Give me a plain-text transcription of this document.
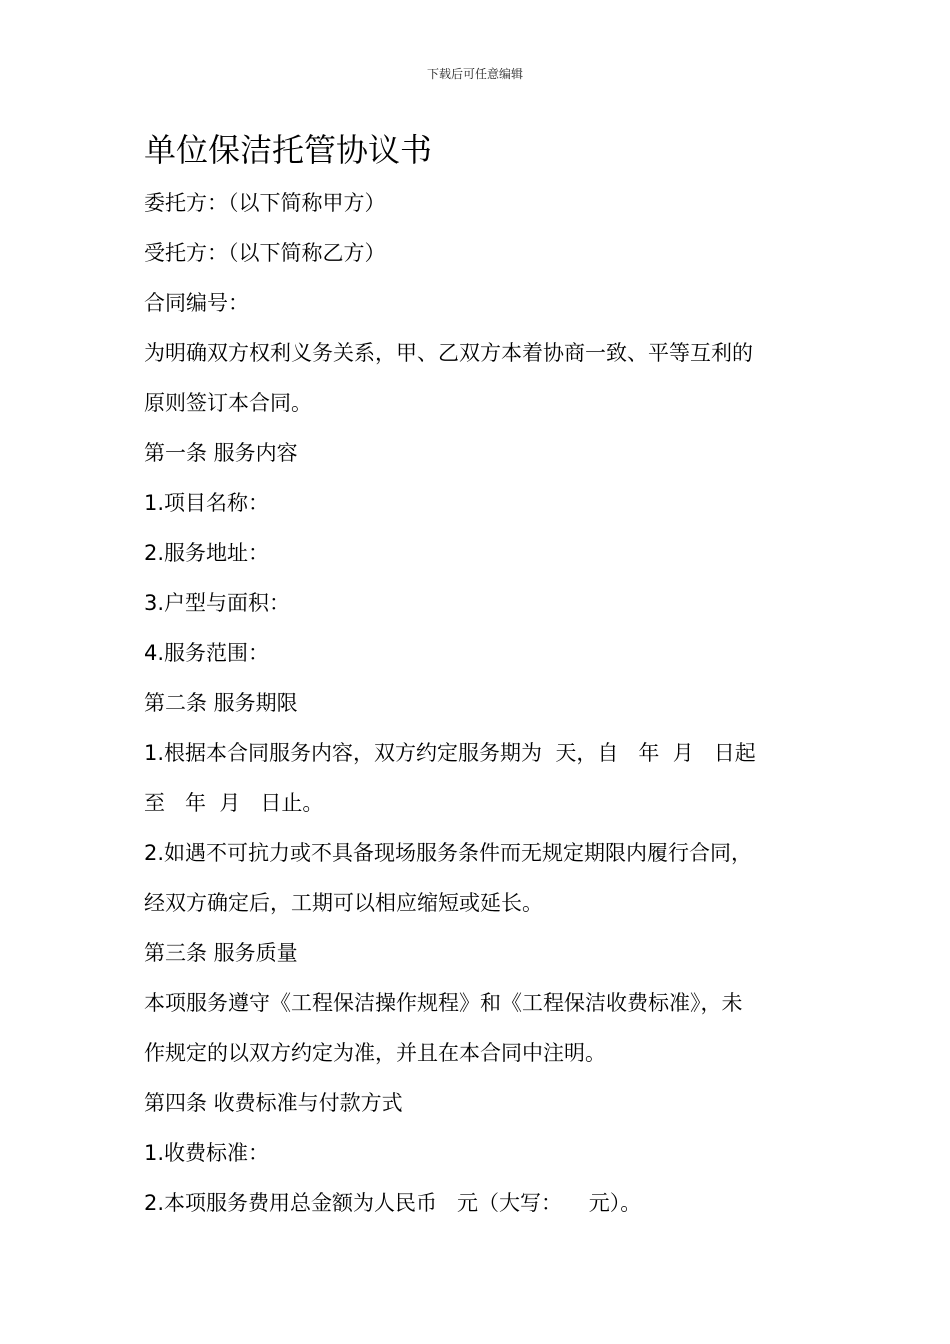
下载后可任意编辑
单位保洁托管协议书
委托方：（以下简称甲方）
受托方：（以下简称乙方）
合同编号：
为明确双方权利义务关系，甲、乙双方本着协商一致、平等互利的
原则签订本合同。
第一条 服务内容
1.项目名称：
2.服务地址：
3.户型与面积：
4.服务范围：
第二条 服务期限
1.根据本合同服务内容，双方约定服务期为  天，自   年  月   日起
至   年  月   日止。
2.如遇不可抗力或不具备现场服务条件而无规定期限内履行合同，
经双方确定后，工期可以相应缩短或延长。
第三条 服务质量
本项服务遵守《工程保洁操作规程》和《工程保洁收费标准》，未
作规定的以双方约定为准，并且在本合同中注明。
第四条 收费标准与付款方式
1.收费标准：
2.本项服务费用总金额为人民币   元（大写：    元）。
